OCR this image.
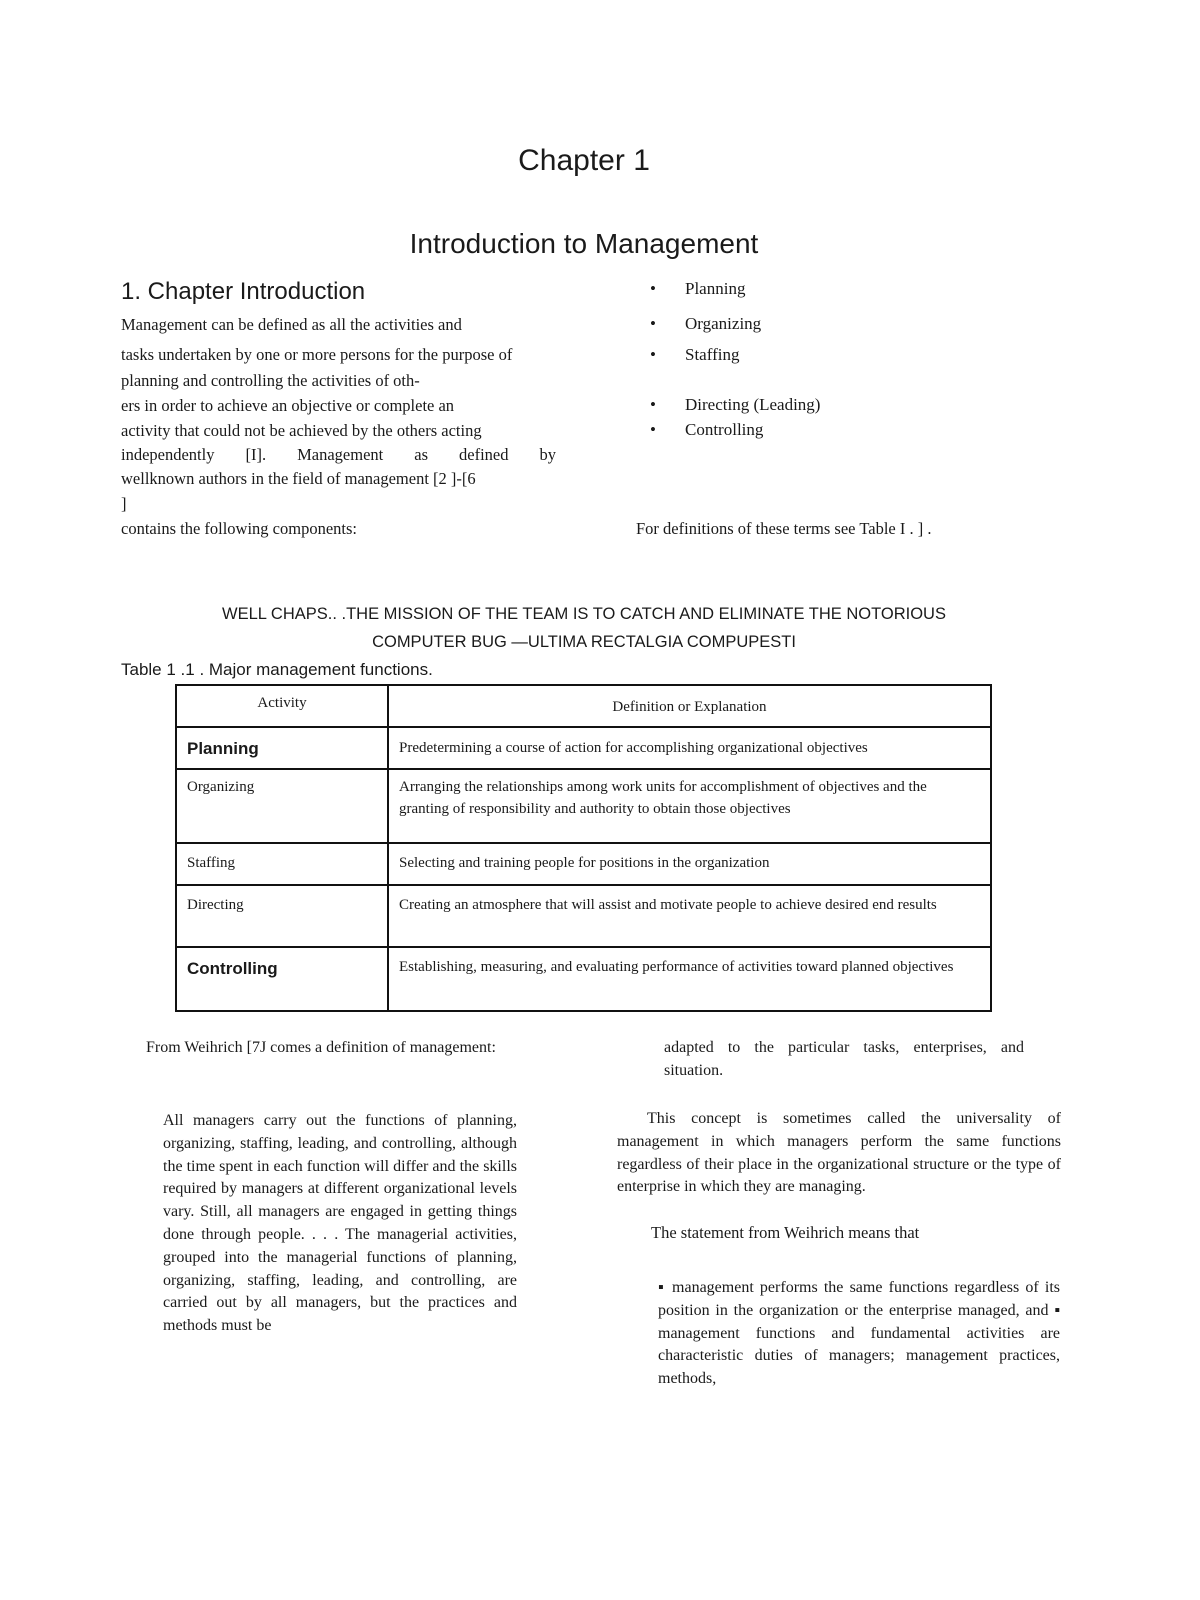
Chapter 1
Introduction to Management
1. Chapter Introduction
Management can be defined as all the activities and
tasks undertaken by one or more persons for the purpose of
planning and controlling the activities of oth-
ers in order to achieve an objective or complete an
activity that could not be achieved by the others acting
independently [I]. Management as defined by
wellknown authors in the field of management [2 ]-[6
]
contains the following components:
• Planning
• Organizing
• Staffing
• Directing (Leading)
• Controlling
For definitions of these terms see Table I . ] .
WELL CHAPS.. .THE MISSION OF THE TEAM IS TO CATCH AND ELIMINATE THE NOTORIOUS
COMPUTER BUG —ULTIMA RECTALGIA COMPUPESTI
Table 1 .1 . Major management functions.
Activity	Definition or Explanation
Planning	Predetermining a course of action for accomplishing organizational objectives
Organizing	Arranging the relationships among work units for accomplishment of objectives and the granting of responsibility and authority to obtain those objectives
Staffing	Selecting and training people for positions in the organization
Directing	Creating an atmosphere that will assist and motivate people to achieve desired end results
Controlling	Establishing, measuring, and evaluating performance of activities toward planned objectives
From Weihrich [7J comes a definition of management:
All managers carry out the functions of planning, organizing, staffing, leading, and controlling, although the time spent in each function will differ and the skills required by managers at different organizational levels vary. Still, all managers are engaged in getting things done through people. . . . The managerial activities, grouped into the managerial functions of planning, organizing, staffing, leading, and controlling, are carried out by all managers, but the practices and methods must be
adapted to the particular tasks, enterprises, and situation.
This concept is sometimes called the universality of management in which managers perform the same functions regardless of their place in the organizational structure or the type of enterprise in which they are managing.
The statement from Weihrich means that
▪ management performs the same functions regardless of its position in the organization or the enterprise managed, and ▪ management functions and fundamental activities are characteristic duties of managers; management practices, methods,
